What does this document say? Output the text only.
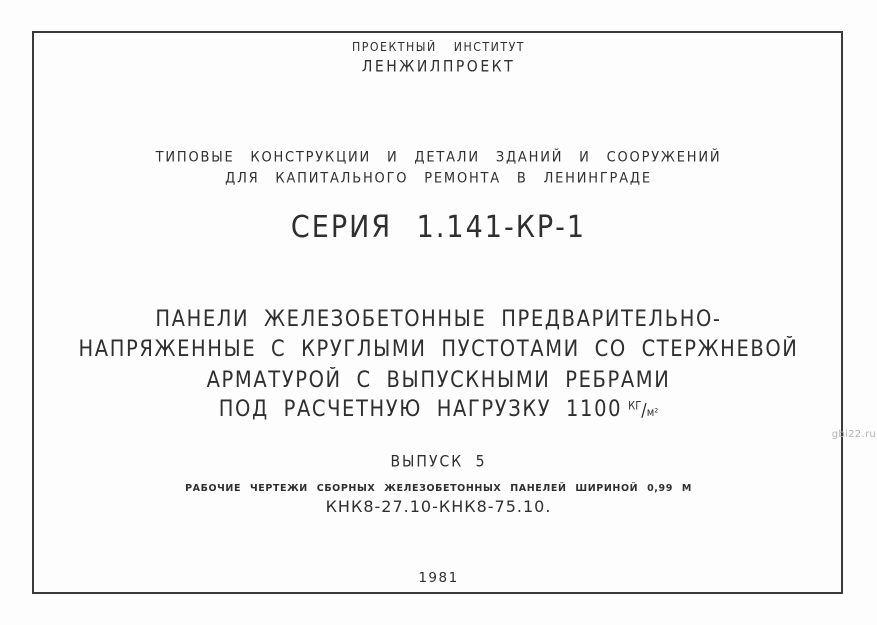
ПРОЕКТНЫЙ ИНСТИТУТ
ЛЕНЖИЛПРОЕКТ
ТИПОВЫЕ КОНСТРУКЦИИ И ДЕТАЛИ ЗДАНИЙ И СООРУЖЕНИЙ
ДЛЯ КАПИТАЛЬНОГО РЕМОНТА В ЛЕНИНГРАДЕ
СЕРИЯ 1.141-КР-1
ПАНЕЛИ ЖЕЛЕЗОБЕТОННЫЕ ПРЕДВАРИТЕЛЬНО-
НАПРЯЖЕННЫЕ С КРУГЛЫМИ ПУСТОТАМИ СО СТЕРЖНЕВОЙ
АРМАТУРОЙ С ВЫПУСКНЫМИ РЕБРАМИ
ПОД РАСЧЕТНУЮ НАГРУЗКУ 1100 $^{КГ}$/м²
ВЫПУСК 5
РАБОЧИЕ ЧЕРТЕЖИ СБОРНЫХ ЖЕЛЕЗОБЕТОННЫХ ПАНЕЛЕЙ ШИРИНОЙ 0,99 М
КНК8-27.10-КНК8-75.10.
1981
gbi22.ru
